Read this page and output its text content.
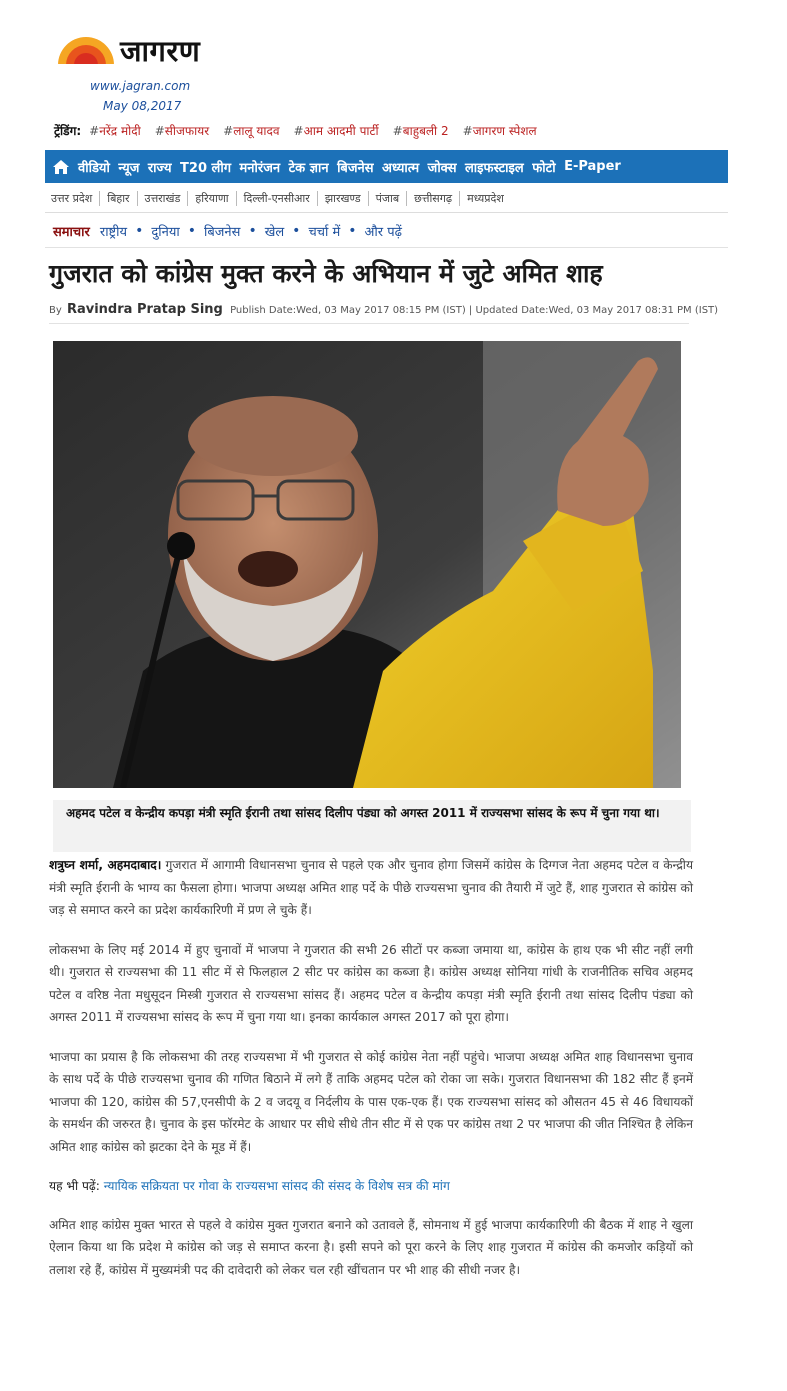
जागरण
www.jagran.com
May 08,2017
ट्रेंडिंग: #नरेंद्र मोदी #सीजफायर #लालू यादव #आम आदमी पार्टी #बाहुबली 2 #जागरण स्पेशल
वीडियो न्यूज राज्य T20 लीग मनोरंजन टेक ज्ञान बिजनेस अध्यात्म जोक्स लाइफस्टाइल फोटो E-Paper
उत्तर प्रदेश	बिहार	उत्तराखंड	हरियाणा	दिल्ली-एनसीआर	झारखण्ड	पंजाब	छत्तीसगढ़	मध्यप्रदेश
समाचार राष्ट्रीय • दुनिया • बिजनेस • खेल • चर्चा में • और पढ़ें
गुजरात को कांग्रेस मुक्त करने के अभियान में जुटे अमित शाह
By Ravindra Pratap Sing Publish Date:Wed, 03 May 2017 08:15 PM (IST) | Updated Date:Wed, 03 May 2017 08:31 PM (IST)
अहमद पटेल व केन्द्रीय कपड़ा मंत्री स्मृति ईरानी तथा सांसद दिलीप पंड्या को अगस्त 2011 में राज्यसभा सांसद के रूप में चुना गया था।

शत्रुघ्न शर्मा, अहमदाबाद। गुजरात में आगामी विधानसभा चुनाव से पहले एक और चुनाव होगा जिसमें कांग्रेस के दिग्गज नेता अहमद पटेल व केन्द्रीय मंत्री स्मृति ईरानी के भाग्य का फैसला होगा। भाजपा अध्यक्ष अमित शाह पर्दे के पीछे राज्यसभा चुनाव की तैयारी में जुटे हैं, शाह गुजरात से कांग्रेस को जड़ से समाप्त करने का प्रदेश कार्यकारिणी में प्रण ले चुके हैं।

लोकसभा के लिए मई 2014 में हुए चुनावों में भाजपा ने गुजरात की सभी 26 सीटों पर कब्जा जमाया था, कांग्रेस के हाथ एक भी सीट नहीं लगी थी। गुजरात से राज्यसभा की 11 सीट में से फिलहाल 2 सीट पर कांग्रेस का कब्जा है। कांग्रेस अध्यक्ष सोनिया गांधी के राजनीतिक सचिव अहमद पटेल व वरिष्ठ नेता मधुसूदन मिस्त्री गुजरात से राज्यसभा सांसद हैं। अहमद पटेल व केन्द्रीय कपड़ा मंत्री स्मृति ईरानी तथा सांसद दिलीप पंड्या को अगस्त 2011 में राज्यसभा सांसद के रूप में चुना गया था। इनका कार्यकाल अगस्त 2017 को पूरा होगा।

भाजपा का प्रयास है कि लोकसभा की तरह राज्यसभा में भी गुजरात से कोई कांग्रेस नेता नहीं पहुंचे। भाजपा अध्यक्ष अमित शाह विधानसभा चुनाव के साथ पर्दे के पीछे राज्यसभा चुनाव की गणित बिठाने में लगे हैं ताकि अहमद पटेल को रोका जा सके। गुजरात विधानसभा की 182 सीट हैं इनमें भाजपा की 120, कांग्रेस की 57,एनसीपी के 2 व जदयू व निर्दलीय के पास एक-एक हैं। एक राज्यसभा सांसद को औसतन 45 से 46 विधायकों के समर्थन की जरुरत है। चुनाव के इस फॉरमेट के आधार पर सीधे सीधे तीन सीट में से एक पर कांग्रेस तथा 2 पर भाजपा की जीत निश्चित है लेकिन अमित शाह कांग्रेस को झटका देने के मूड में हैं।

यह भी पढ़ें: न्यायिक सक्रियता पर गोवा के राज्यसभा सांसद की संसद के विशेष सत्र की मांग

अमित शाह कांग्रेस मुक्त भारत से पहले वे कांग्रेस मुक्त गुजरात बनाने को उतावले हैं, सोमनाथ में हुई भाजपा कार्यकारिणी की बैठक में शाह ने खुला ऐलान किया था कि प्रदेश मे कांग्रेस को जड़ से समाप्त करना है। इसी सपने को पूरा करने के लिए शाह गुजरात में कांग्रेस की कमजोर कड़ियों को तलाश रहे हैं, कांग्रेस में मुख्यमंत्री पद की दावेदारी को लेकर चल रही खींचतान पर भी शाह की सीधी नजर है।
